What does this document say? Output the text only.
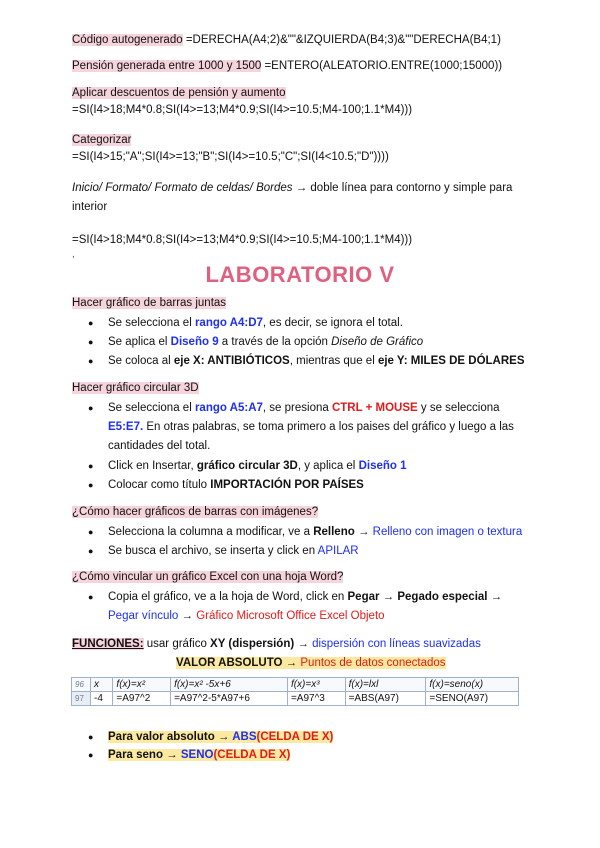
Código autogenerado =DERECHA(A4;2)&""&IZQUIERDA(B4;3)&""DERECHA(B4;1)
Pensión generada entre 1000 y 1500 =ENTERO(ALEATORIO.ENTRE(1000;15000))
Aplicar descuentos de pensión y aumento
=SI(I4>18;M4*0.8;SI(I4>=13;M4*0.9;SI(I4>=10.5;M4-100;1.1*M4)))
Categorizar
=SI(I4>15;"A";SI(I4>=13;"B";SI(I4>=10.5;"C";SI(I4<10.5;"D"))))
Inicio/ Formato/ Formato de celdas/ Bordes → doble línea para contorno y simple para interior
=SI(I4>18;M4*0.8;SI(I4>=13;M4*0.9;SI(I4>=10.5;M4-100;1.1*M4)))
,
LABORATORIO V
Hacer gráfico de barras juntas
● Se selecciona el rango A4:D7, es decir, se ignora el total.
● Se aplica el Diseño 9 a través de la opción Diseño de Gráfico
● Se coloca al eje X: ANTIBIÓTICOS, mientras que el eje Y: MILES DE DÓLARES
Hacer gráfico circular 3D
● Se selecciona el rango A5:A7, se presiona CTRL + MOUSE y se selecciona E5:E7. En otras palabras, se toma primero a los paises del gráfico y luego a las cantidades del total.
● Click en Insertar, gráfico circular 3D, y aplica el Diseño 1
● Colocar como título IMPORTACIÓN POR PAÍSES
¿Cómo hacer gráficos de barras con imágenes?
● Selecciona la columna a modificar, ve a Relleno → Relleno con imagen o textura
● Se busca el archivo, se inserta y click en APILAR
¿Cómo vincular un gráfico Excel con una hoja Word?
● Copia el gráfico, ve a la hoja de Word, click en Pegar → Pegado especial → Pegar vínculo → Gráfico Microsoft Office Excel Objeto
FUNCIONES: usar gráfico XY (dispersión) → dispersión con líneas suavizadas
VALOR ABSOLUTO → Puntos de datos conectados
96	x	f(x)=x²	f(x)=x² -5x+6	f(x)=x³	f(x)=lxl	f(x)=seno(x)
97	-4	=A97^2	=A97^2-5*A97+6	=A97^3	=ABS(A97)	=SENO(A97)
● Para valor absoluto → ABS(CELDA DE X)
● Para seno → SENO(CELDA DE X)
